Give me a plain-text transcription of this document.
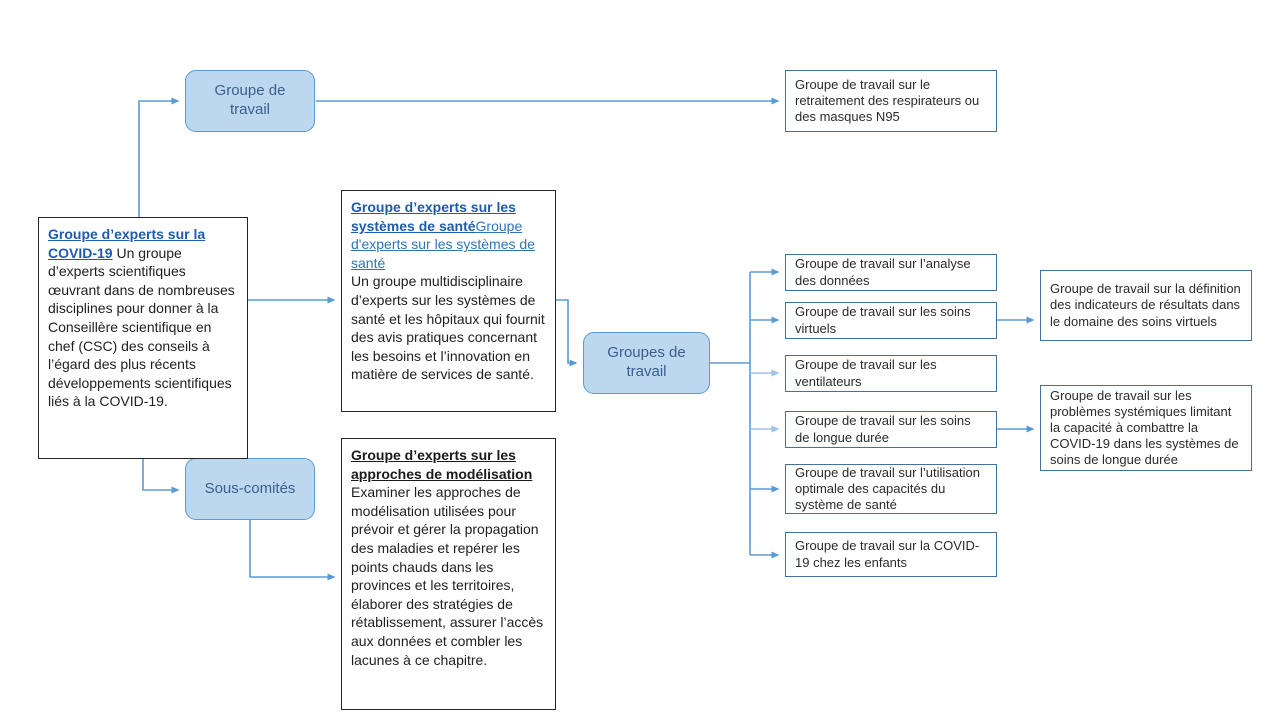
Groupe de travail
Sous-comités
Groupes de travail
Groupe d’experts sur la COVID-19 Un groupe d’experts scientifiques œuvrant dans de nombreuses disciplines pour donner à la Conseillère scientifique en chef (CSC) des conseils à l’égard des plus récents développements scientifiques liés à la COVID-19.
Groupe d’experts sur les systèmes de santéGroupe d'experts sur les systèmes de santé
Un groupe multidisciplinaire d’experts sur les systèmes de santé et les hôpitaux qui fournit des avis pratiques concernant les besoins et l’innovation en matière de services de santé.
Groupe d’experts sur les approches de modélisation
Examiner les approches de modélisation utilisées pour prévoir et gérer la propagation des maladies et repérer les points chauds dans les provinces et les territoires, élaborer des stratégies de rétablissement, assurer l’accès aux données et combler les lacunes à ce chapitre.
Groupe de travail sur le retraitement des respirateurs ou des masques N95
Groupe de travail sur l’analyse des données
Groupe de travail sur les soins virtuels
Groupe de travail sur les ventilateurs
Groupe de travail sur les soins de longue durée
Groupe de travail sur l’utilisation optimale des capacités du système de santé
Groupe de travail sur la COVID-19 chez les enfants
Groupe de travail sur la définition des indicateurs de résultats dans le domaine des soins virtuels
Groupe de travail sur les problèmes systémiques limitant la capacité à combattre la COVID-19 dans les systèmes de soins de longue durée
